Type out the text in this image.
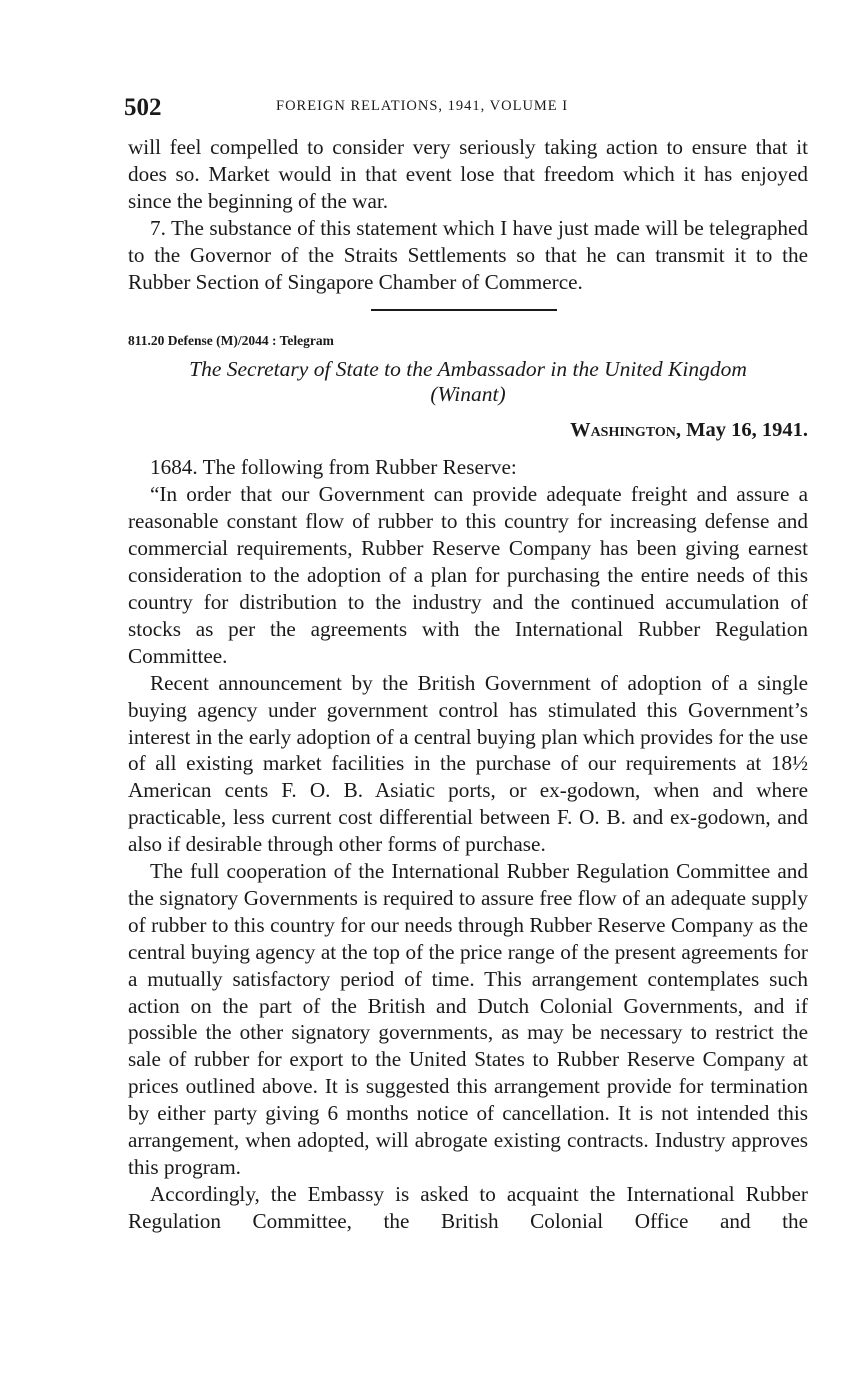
502	FOREIGN RELATIONS, 1941, VOLUME I

will feel compelled to consider very seriously taking action to ensure that it does so. Market would in that event lose that freedom which it has enjoyed since the beginning of the war.

7. The substance of this statement which I have just made will be telegraphed to the Governor of the Straits Settlements so that he can transmit it to the Rubber Section of Singapore Chamber of Commerce.

811.20 Defense (M)/2044 : Telegram
The Secretary of State to the Ambassador in the United Kingdom
(Winant)
Washington, May 16, 1941.

1684. The following from Rubber Reserve:

“In order that our Government can provide adequate freight and assure a reasonable constant flow of rubber to this country for increasing defense and commercial requirements, Rubber Reserve Company has been giving earnest consideration to the adoption of a plan for purchasing the entire needs of this country for distribution to the industry and the continued accumulation of stocks as per the agreements with the International Rubber Regulation Committee.

Recent announcement by the British Government of adoption of a single buying agency under government control has stimulated this Government’s interest in the early adoption of a central buying plan which provides for the use of all existing market facilities in the purchase of our requirements at 18½ American cents F. O. B. Asiatic ports, or ex-godown, when and where practicable, less current cost differential between F. O. B. and ex-godown, and also if desirable through other forms of purchase.

The full cooperation of the International Rubber Regulation Committee and the signatory Governments is required to assure free flow of an adequate supply of rubber to this country for our needs through Rubber Reserve Company as the central buying agency at the top of the price range of the present agreements for a mutually satisfactory period of time. This arrangement contemplates such action on the part of the British and Dutch Colonial Governments, and if possible the other signatory governments, as may be necessary to restrict the sale of rubber for export to the United States to Rubber Reserve Company at prices outlined above. It is suggested this arrangement provide for termination by either party giving 6 months notice of cancellation. It is not intended this arrangement, when adopted, will abrogate existing contracts. Industry approves this program.

Accordingly, the Embassy is asked to acquaint the International Rubber Regulation Committee, the British Colonial Office and the
